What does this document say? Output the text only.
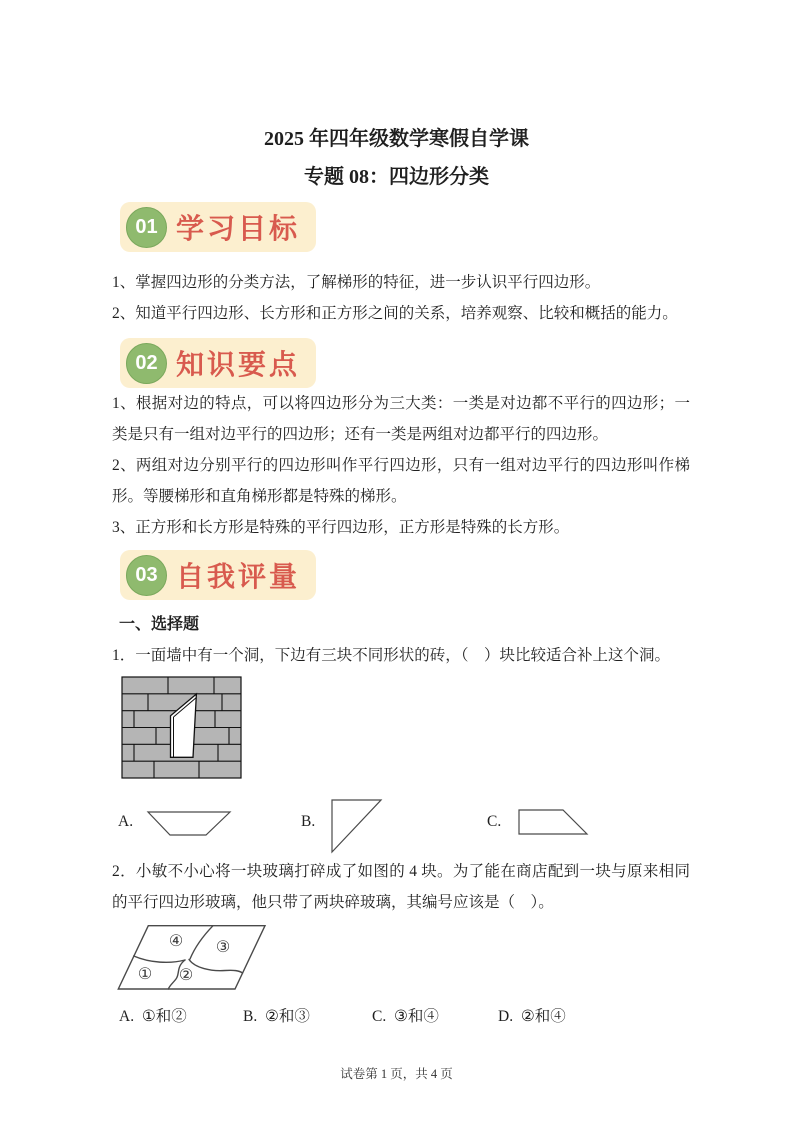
2025 年四年级数学寒假自学课
专题 08：四边形分类
01 学习目标

1、掌握四边形的分类方法，了解梯形的特征，进一步认识平行四边形。

2、知道平行四边形、长方形和正方形之间的关系，培养观察、比较和概括的能力。

02 知识要点

1、根据对边的特点，可以将四边形分为三大类：一类是对边都不平行的四边形；一类是只有一组对边平行的四边形；还有一类是两组对边都平行的四边形。

2、两组对边分别平行的四边形叫作平行四边形，只有一组对边平行的四边形叫作梯形。等腰梯形和直角梯形都是特殊的梯形。

3、正方形和长方形是特殊的平行四边形，正方形是特殊的长方形。

03 自我评量
一、选择题

1．一面墙中有一个洞，下边有三块不同形状的砖，（　）块比较适合补上这个洞。

A.	B.	C.

2．小敏不小心将一块玻璃打碎成了如图的 4 块。为了能在商店配到一块与原来相同的平行四边形玻璃，他只带了两块碎玻璃，其编号应该是（　）。

① ②
③
④
A.  ①和②	B.  ②和③	C.  ③和④	D.  ②和④
试卷第 1 页，共 4 页
